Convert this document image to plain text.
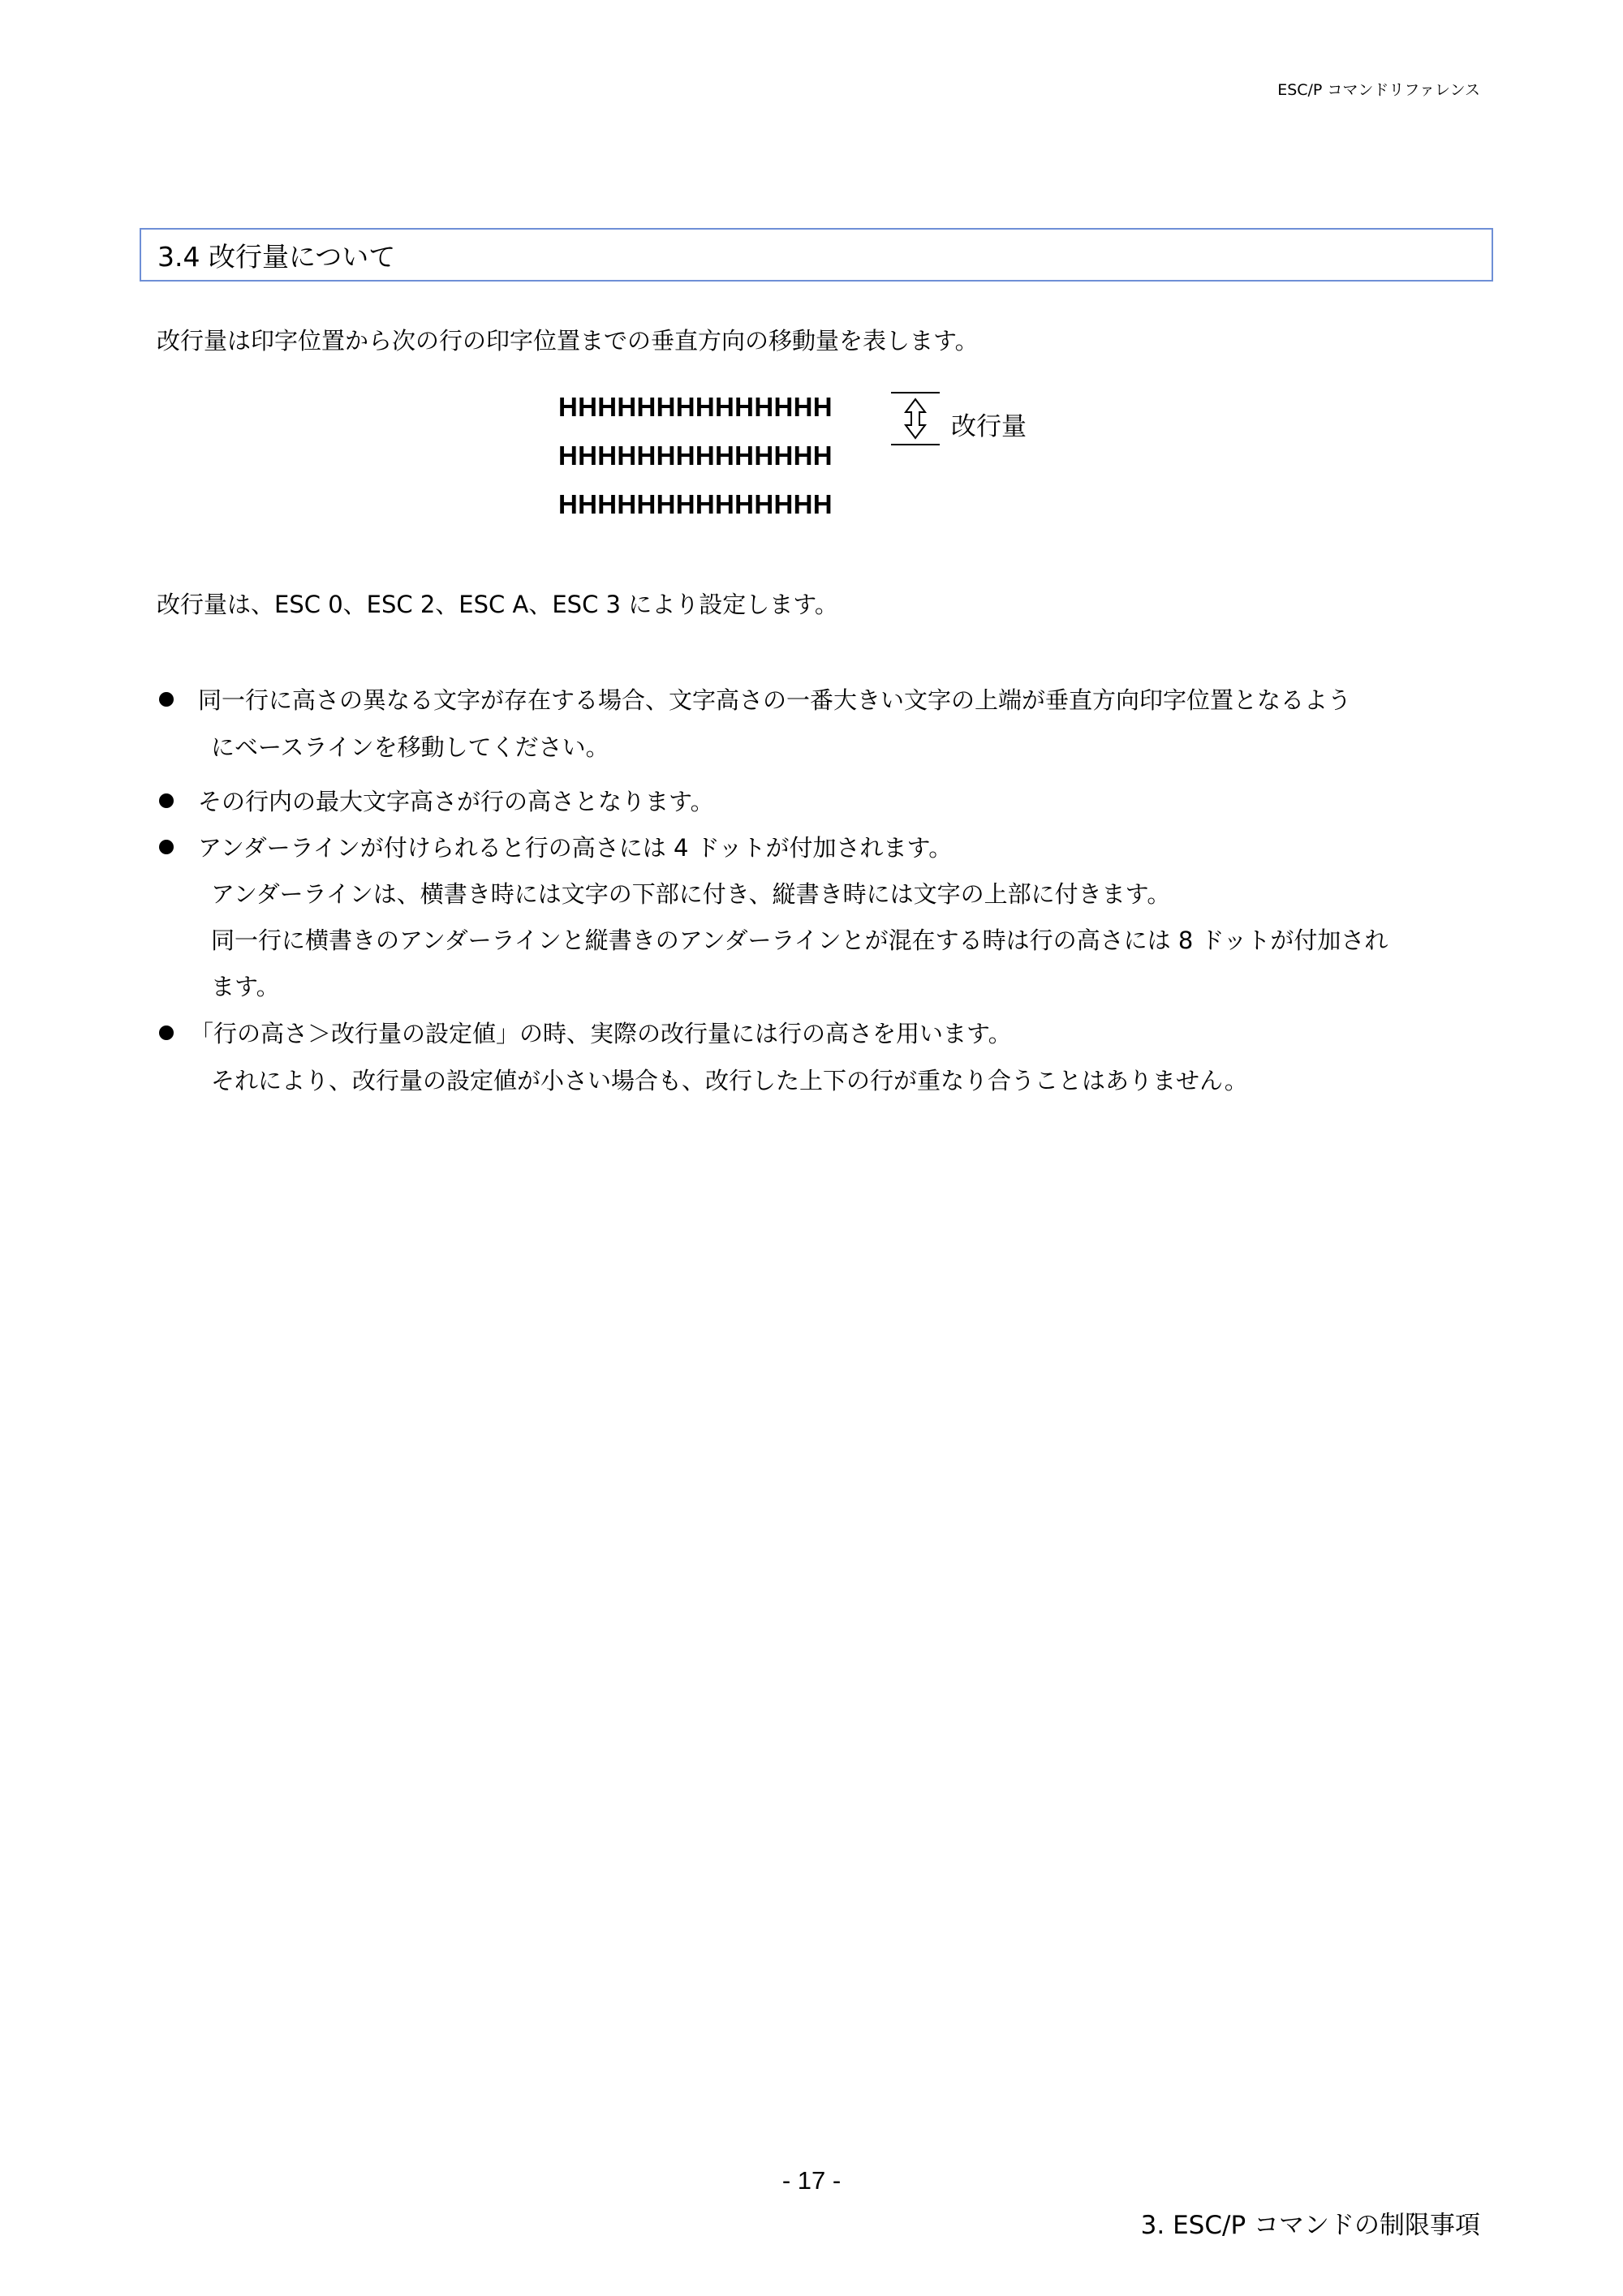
ESC/P コマンドリファレンス
3.4 改行量について
改行量は印字位置から次の行の印字位置までの垂直方向の移動量を表します。
HHHHHHHHHHHHHH
HHHHHHHHHHHHHH
HHHHHHHHHHHHHH
改行量
改行量は、ESC 0、ESC 2、ESC A、ESC 3 により設定します。
同一行に高さの異なる文字が存在する場合、文字高さの一番大きい文字の上端が垂直方向印字位置となるよう
にベースラインを移動してください。
その行内の最大文字高さが行の高さとなります。
アンダーラインが付けられると行の高さには 4 ドットが付加されます。
アンダーラインは、横書き時には文字の下部に付き、縦書き時には文字の上部に付きます。
同一行に横書きのアンダーラインと縦書きのアンダーラインとが混在する時は行の高さには 8 ドットが付加され
ます。
「行の高さ＞改行量の設定値」の時、実際の改行量には行の高さを用います。
それにより、改行量の設定値が小さい場合も、改行した上下の行が重なり合うことはありません。
- 17 -
3. ESC/P コマンドの制限事項
